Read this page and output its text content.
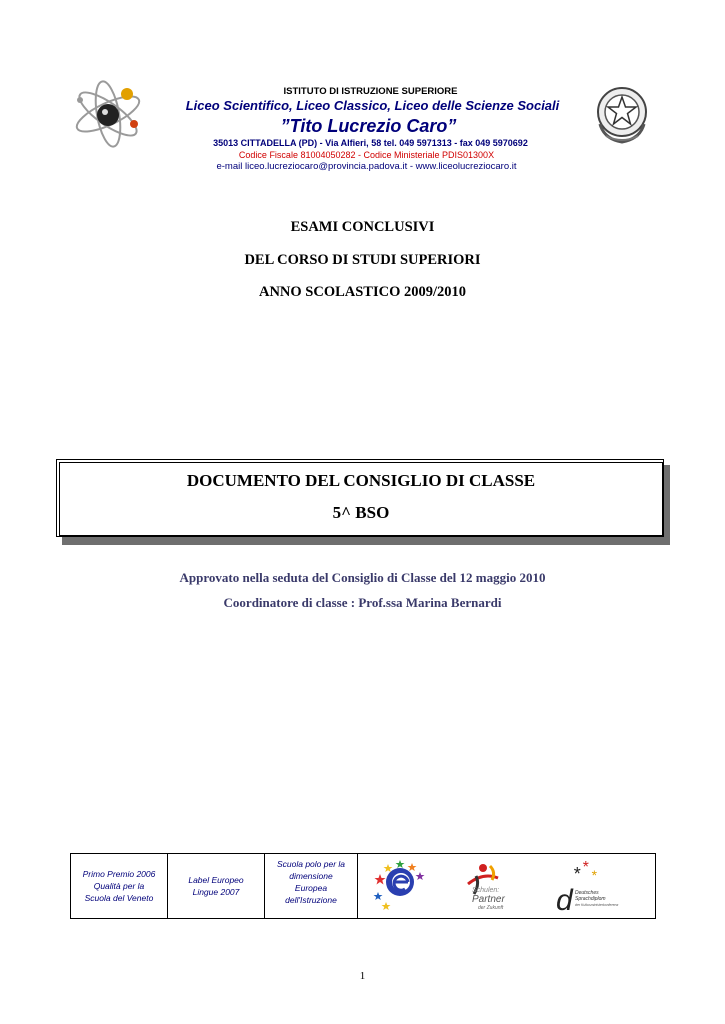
ISTITUTO DI ISTRUZIONE SUPERIORE
Liceo Scientifico, Liceo Classico, Liceo delle Scienze Sociali
”Tito Lucrezio Caro”
35013 CITTADELLA (PD) - Via Alfieri, 58 tel. 049 5971313 - fax 049 5970692
Codice Fiscale 81004050282 - Codice Ministeriale PDIS01300X
e-mail liceo.lucreziocaro@provincia.padova.it - www.liceolucreziocaro.it
ESAMI CONCLUSIVI
DEL CORSO DI STUDI SUPERIORI
ANNO SCOLASTICO 2009/2010
DOCUMENTO DEL CONSIGLIO DI CLASSE
5^ BSO
Approvato nella seduta del Consiglio di Classe del 12 maggio 2010
Coordinatore di classe : Prof.ssa Marina Bernardi
Primo Premio 2006
Qualità per la
Scuola del Veneto
Label Europeo
Lingue 2007
Scuola polo per la
dimensione
Europea
dell'Istruzione
Schulen:
Partner
der Zukunft d
* * *
Deutsches
Sprachdiplom
der Kultusministerkonferenz
1
